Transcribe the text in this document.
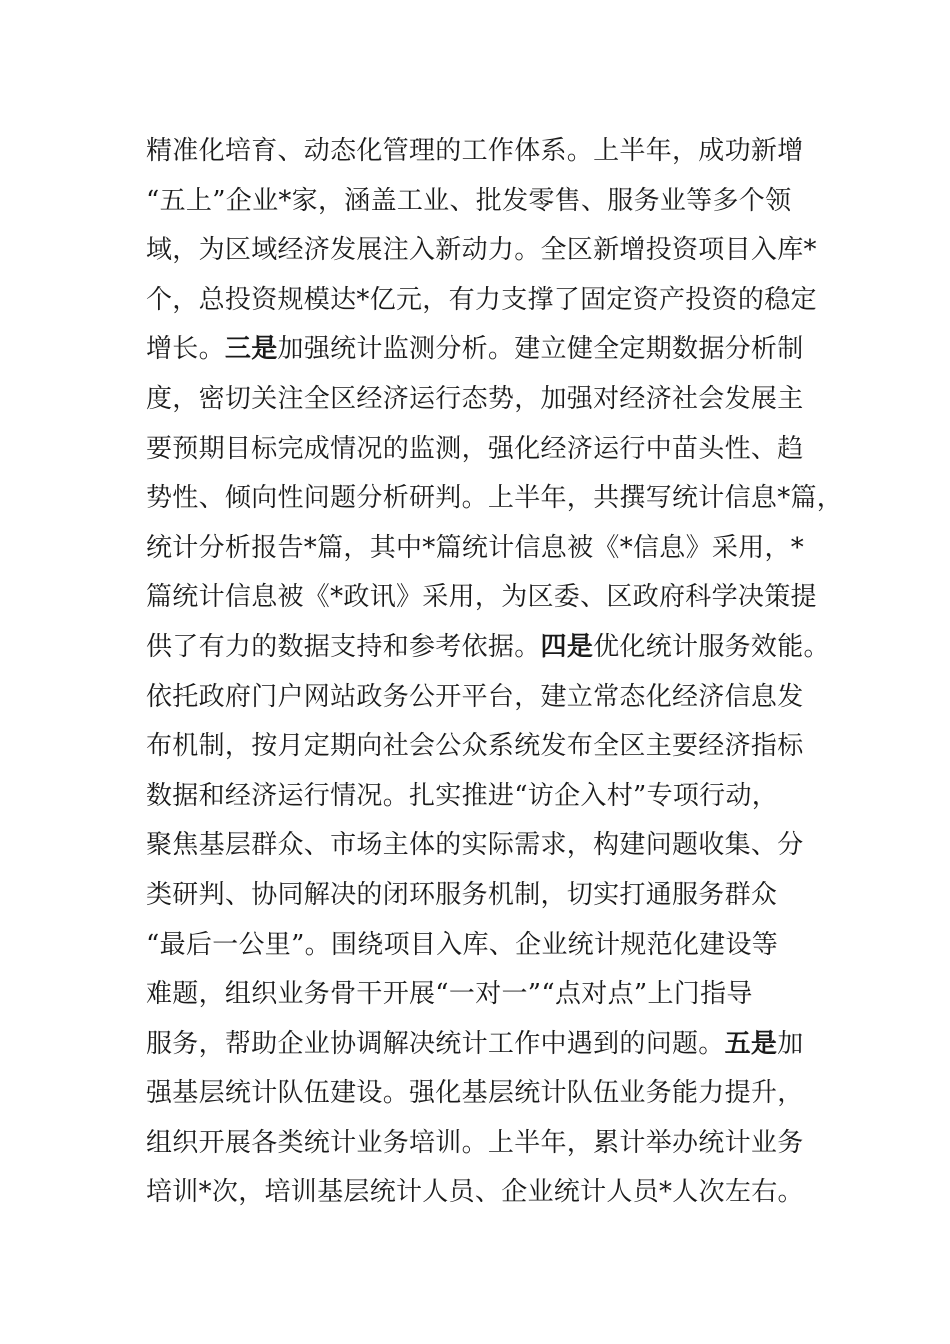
精准化培育、动态化管理的工作体系。上半年，成功新增
“五上”企业*家，涵盖工业、批发零售、服务业等多个领
域，为区域经济发展注入新动力。全区新增投资项目入库*
个，总投资规模达*亿元，有力支撑了固定资产投资的稳定
增长。三是加强统计监测分析。建立健全定期数据分析制
度，密切关注全区经济运行态势，加强对经济社会发展主
要预期目标完成情况的监测，强化经济运行中苗头性、趋
势性、倾向性问题分析研判。上半年，共撰写统计信息*篇，
统计分析报告*篇，其中*篇统计信息被《*信息》采用，*
篇统计信息被《*政讯》采用，为区委、区政府科学决策提
供了有力的数据支持和参考依据。四是优化统计服务效能。
依托政府门户网站政务公开平台，建立常态化经济信息发
布机制，按月定期向社会公众系统发布全区主要经济指标
数据和经济运行情况。扎实推进“访企入村”专项行动，
聚焦基层群众、市场主体的实际需求，构建问题收集、分
类研判、协同解决的闭环服务机制，切实打通服务群众
“最后一公里”。围绕项目入库、企业统计规范化建设等
难题，组织业务骨干开展“一对一”“点对点”上门指导
服务，帮助企业协调解决统计工作中遇到的问题。五是加
强基层统计队伍建设。强化基层统计队伍业务能力提升，
组织开展各类统计业务培训。上半年，累计举办统计业务
培训*次，培训基层统计人员、企业统计人员*人次左右。
